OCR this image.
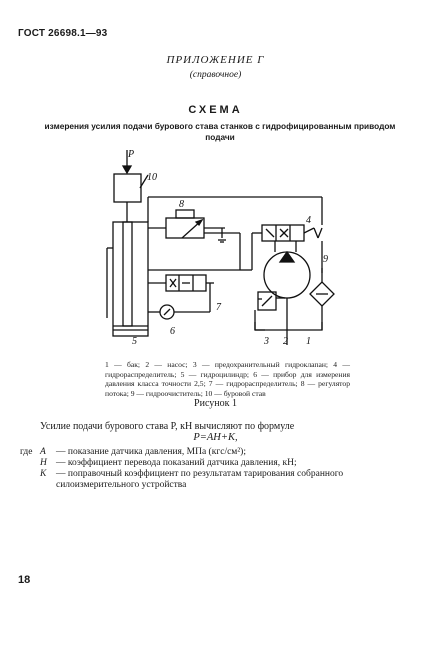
ГОСТ 26698.1—93
ПРИЛОЖЕНИЕ Г
(справочное)
СХЕМА
измерения усилия подачи бурового става станков с гидрофицированным приводом подачи
P
10
8
4
9
7
6
5	3 2 1
1 — бак; 2 — насос; 3 — предохранительный гидроклапан; 4 — гидрораспределитель; 5 — гидроцилиндр; 6 — прибор для измерения давления класса точности 2,5; 7 — гидрораспределитель; 8 — регулятор потока; 9 — гидроочиститель; 10 — буровой став
Рисунок 1
Усилие подачи бурового става P, кН вычисляют по формуле
P=AH+K,
где A	— показание датчика давления, МПа (кгс/см²);
H — коэффициент перевода показаний датчика давления, кН;
K	— поправочный коэффициент по результатам тарирования собранного силоизмерительного устройства
18
